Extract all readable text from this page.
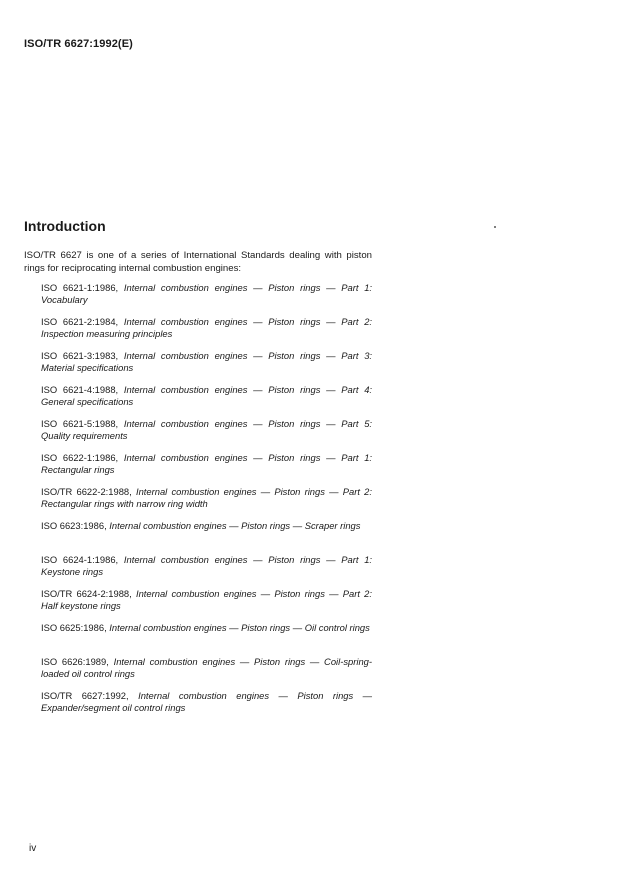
ISO/TR 6627:1992(E)
Introduction

ISO/TR 6627 is one of a series of International Standards dealing with piston rings for reciprocating internal combustion engines:

ISO 6621-1:1986, Internal combustion engines — Piston rings — Part 1: Vocabulary
ISO 6621-2:1984, Internal combustion engines — Piston rings — Part 2: Inspection measuring principles
ISO 6621-3:1983, Internal combustion engines — Piston rings — Part 3: Material specifications
ISO 6621-4:1988, Internal combustion engines — Piston rings — Part 4: General specifications
ISO 6621-5:1988, Internal combustion engines — Piston rings — Part 5: Quality requirements
ISO 6622-1:1986, Internal combustion engines — Piston rings — Part 1: Rectangular rings
ISO/TR 6622-2:1988, Internal combustion engines — Piston rings — Part 2: Rectangular rings with narrow ring width
ISO 6623:1986, Internal combustion engines — Piston rings — Scraper rings
ISO 6624-1:1986, Internal combustion engines — Piston rings — Part 1: Keystone rings
ISO/TR 6624-2:1988, Internal combustion engines — Piston rings — Part 2: Half keystone rings
ISO 6625:1986, Internal combustion engines — Piston rings — Oil control rings
ISO 6626:1989, Internal combustion engines — Piston rings — Coil-spring-loaded oil control rings
ISO/TR 6627:1992, Internal combustion engines — Piston rings — Expander/segment oil control rings
iv
